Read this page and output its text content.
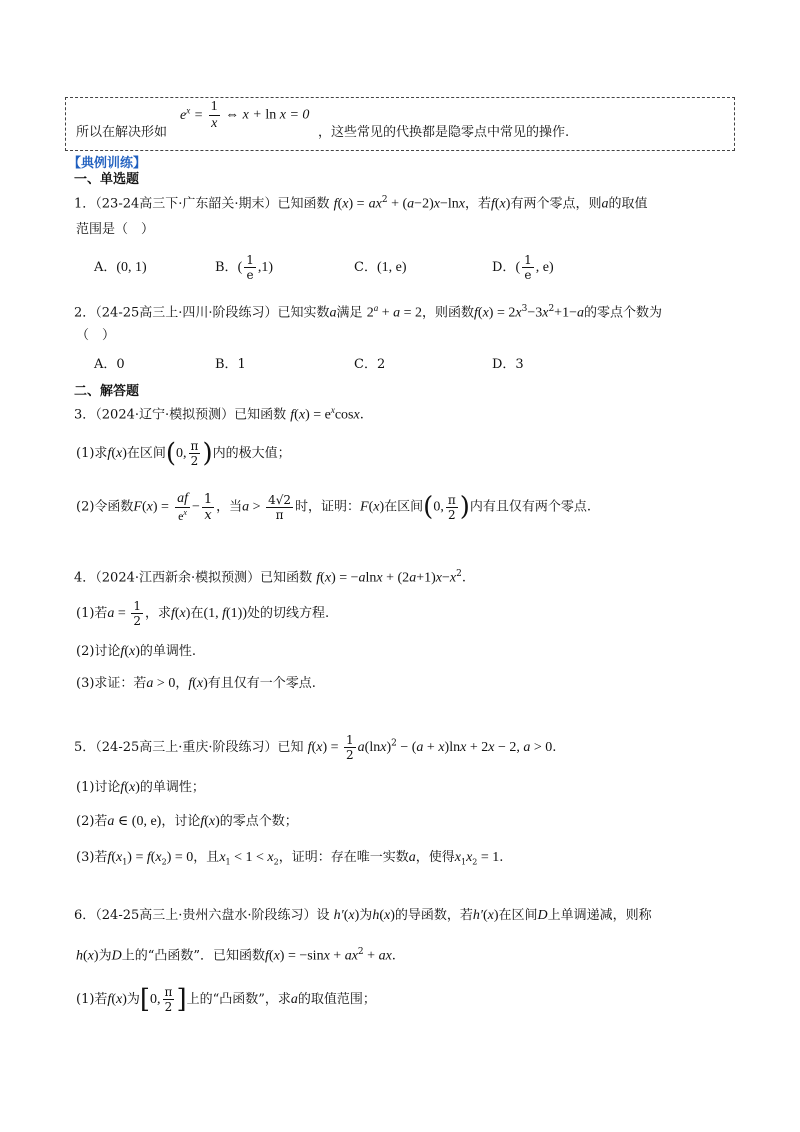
所以在解决形如
$e^x = \frac{1}{x}$ ⇔ x + ln x = 0
，这些常见的代换都是隐零点中常见的操作.
【典例训练】
一、单选题
1．（23-24高三下·广东韶关·期末）已知函数 $f(x) = ax^2 + (a-2)x-\ln x$，若f(x)有两个零点，则a的取值
范围是（　）
A．(0, 1)	B．( $\frac{1}{e} ,1$)	C．(1, e)	D．( $\frac{1}{e}$ , e)
2．（24-25高三上·四川·阶段练习）已知实数a满足 $2^a + a = 2$，则函数$f(x) = 2x^3-3x^2+1-a$的零点个数为
（　）
A．0	B．1	C．2	D．3
二、解答题
3．（2024·辽宁·模拟预测）已知函数 $f(x) = e^x\cos x$.
(1)求f(x)在区间(0, $\frac{\pi}{2}$ )内的极大值；
(2)令函数$F(x) = \frac{af}{e^x} - \frac{1}{x}$ ，当$a > \frac{4√2}{\pi}$ 时，证明：F(x)在区间(0, $\frac{\pi}{2}$ )内有且仅有两个零点.
4．（2024·江西新余·模拟预测）已知函数 $f(x) = -alnx + (2a+1)x-x^2$.
(1)若$a = \frac{1}{2}$ ，求f(x)在(1, f(1))处的切线方程.
(2)讨论f(x)的单调性.
(3)求证：若a > 0，f(x)有且仅有一个零点.
5．（24-25高三上·重庆·阶段练习）已知 $f(x) = \frac{1}{2} a(\ln x)^2 - (a + x)\ln x + 2x - 2$, a > 0.
(1)讨论f(x)的单调性；
(2)若a ∈ (0, e)，讨论f(x)的零点个数；
(3)若$f(x_1) = f(x_2) = 0$，且$x_1 < 1 < x_2$，证明：存在唯一实数a，使得$x_1x_2 = 1$.
6．（24-25高三上·贵州六盘水·阶段练习）设 h′(x)为h(x)的导函数，若h′(x)在区间D上单调递减，则称
h(x)为D上的“凸函数”．已知函数$f(x) = -\sin x + ax^2$ + ax.
(1)若f(x)为[0, $\frac{\pi}{2}$ ]上的“凸函数”，求a的取值范围；
